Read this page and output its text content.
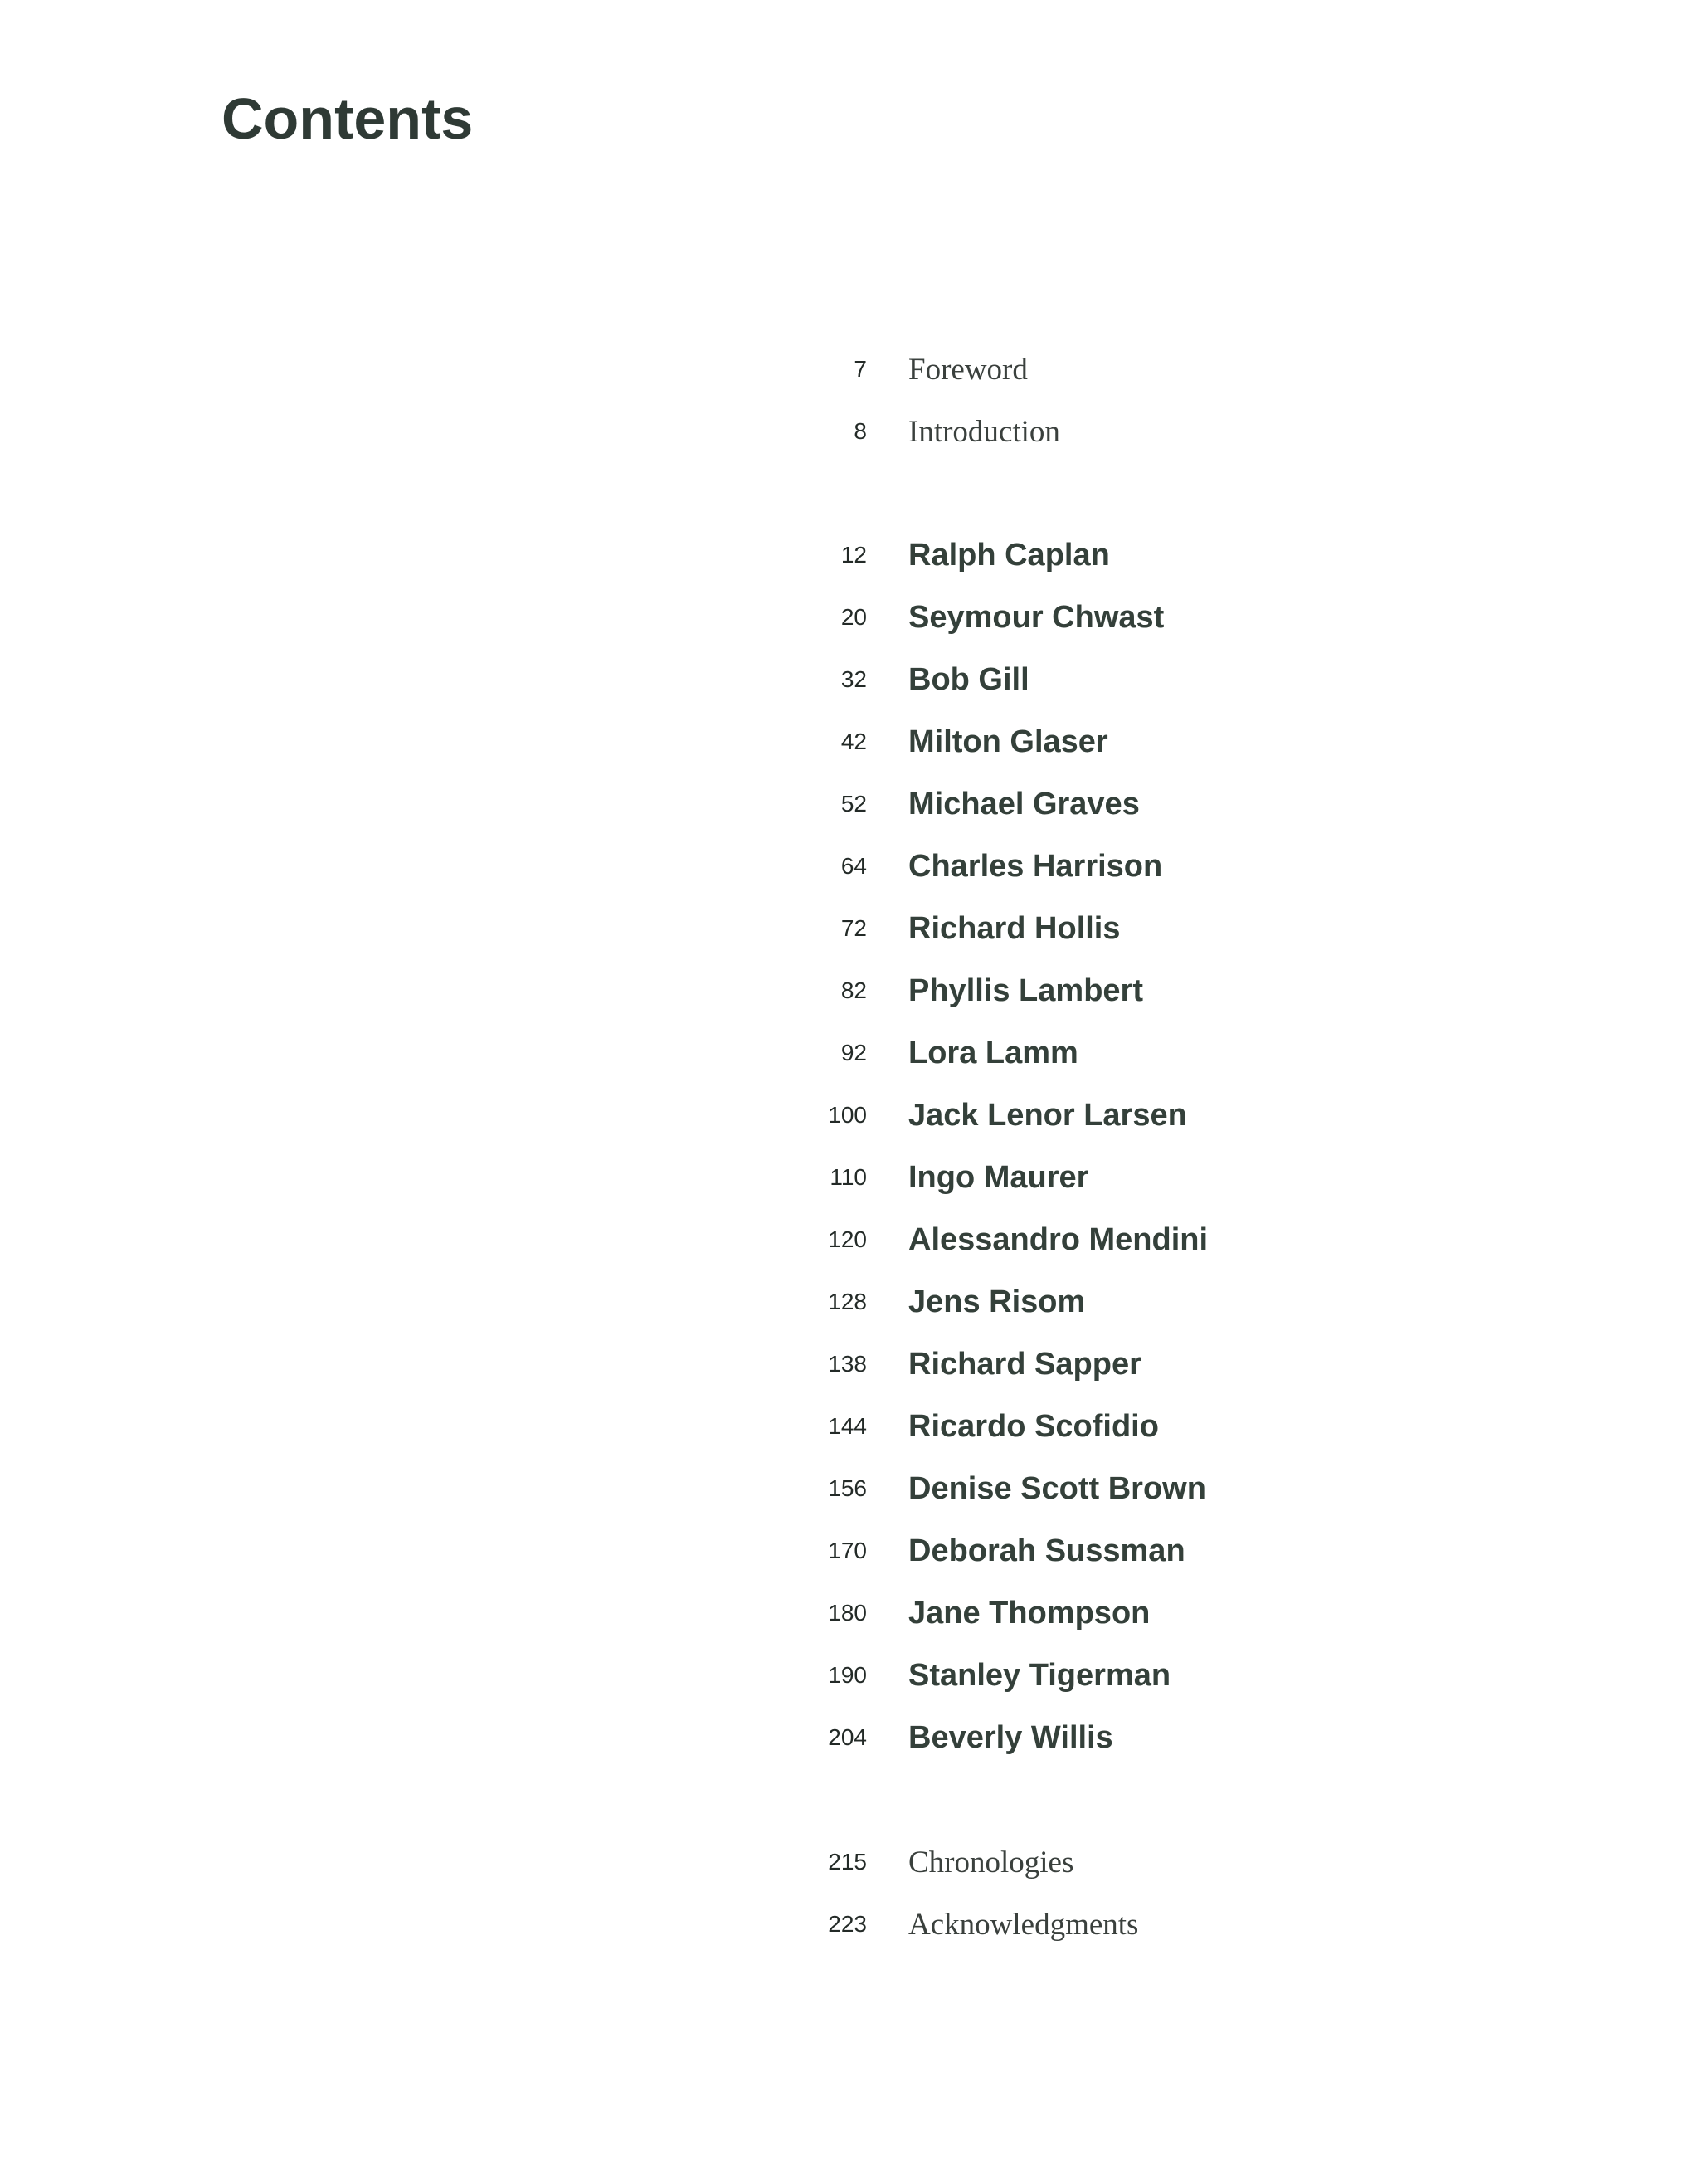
Contents
7 Foreword
8 Introduction
12 Ralph Caplan
20 Seymour Chwast
32 Bob Gill
42 Milton Glaser
52 Michael Graves
64 Charles Harrison
72 Richard Hollis
82 Phyllis Lambert
92 Lora Lamm
100 Jack Lenor Larsen
110 Ingo Maurer
120 Alessandro Mendini
128 Jens Risom
138 Richard Sapper
144 Ricardo Scofidio
156 Denise Scott Brown
170 Deborah Sussman
180 Jane Thompson
190 Stanley Tigerman
204 Beverly Willis
215 Chronologies
223 Acknowledgments
